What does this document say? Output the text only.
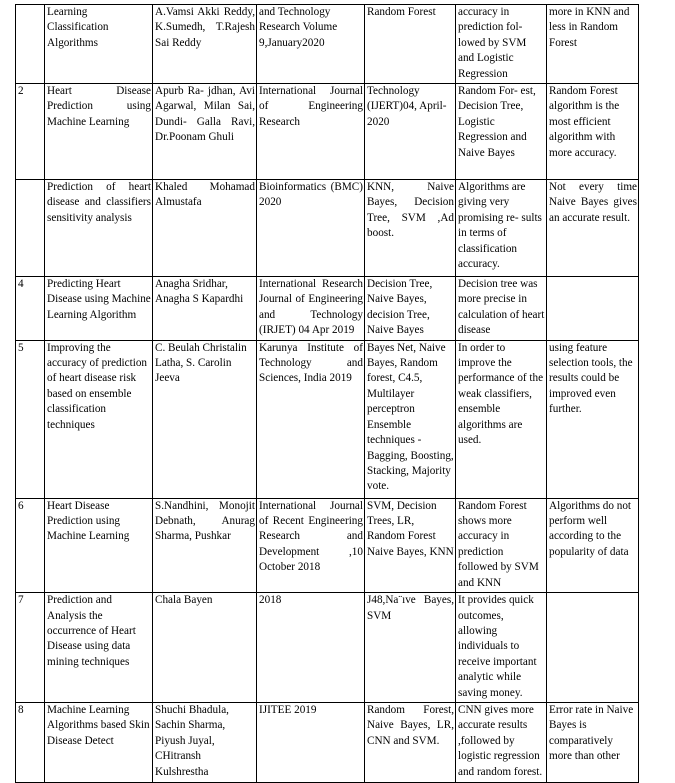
	Learning Classification Algorithms	A.Vamsi Akki Reddy, K.Sumedh, T.Rajesh Sai Reddy	and Technology Research Volume 9,January2020	Random Forest	accuracy in prediction fol- lowed by SVM and Logistic Regression	more in KNN and less in Random Forest
2	Heart Disease Prediction using Machine Learning	Apurb Ra- jdhan, Avi Agarwal, Milan Sai, Dundi- Galla Ravi, Dr.Poonam Ghuli	International Journal of Engineering Research	Technology (IJERT)04, April-2020	Random For- est, Decision Tree, Logistic Regression and Naive Bayes	Random Forest algorithm is the most efficient algorithm with more accuracy.
	Prediction of heart disease and classifiers sensitivity analysis	Khaled Mohamad Almustafa	Bioinformatics (BMC) 2020	KNN, Naive Bayes, Decision Tree, SVM ,Ad boost.	Algorithms are giving very promising re- sults in terms of classification accuracy.	Not every time Naive Bayes gives an accurate result.
4	Predicting Heart Disease using Machine Learning Algorithm	Anagha Sridhar, Anagha S Kapardhi	International Research Journal of Engineering and Technology (IRJET) 04 Apr 2019	Decision Tree, Naive Bayes, decision Tree, Naive Bayes	Decision tree was more precise in calculation of heart disease	
5	Improving the accuracy of prediction of heart disease risk based on ensemble classification techniques	C. Beulah Christalin Latha, S. Carolin Jeeva	Karunya Institute of Technology and Sciences, India 2019	Bayes Net, Naive Bayes, Random forest, C4.5, Multilayer perceptron Ensemble techniques - Bagging, Boosting, Stacking, Majority vote.	In order to improve the performance of the weak classifiers, ensemble algorithms are used.	using feature selection tools, the results could be improved even further.
6	Heart Disease Prediction using Machine Learning	S.Nandhini, Monojit Debnath, Anurag Sharma, Pushkar	International Journal of Recent Engineering Research and Development ,10 October 2018	SVM, Decision Trees, LR, Random Forest Naive Bayes, KNN	Random Forest shows more accuracy in prediction followed by SVM and KNN	Algorithms do not perform well according to the popularity of data
7	Prediction and Analysis the occurrence of Heart Disease using data mining techniques	Chala Bayen	2018	J48,Na¨ıve Bayes, SVM	It provides quick outcomes, allowing individuals to receive important analytic while saving money.	
8	Machine Learning Algorithms based Skin Disease Detect	Shuchi Bhadula, Sachin Sharma, Piyush Juyal, CHitransh Kulshrestha	IJITEE 2019	Random Forest, Naive Bayes, LR, CNN and SVM.	CNN gives more accurate results ,followed by logistic regression and random forest.	Error rate in Naive Bayes is comparatively more than other
